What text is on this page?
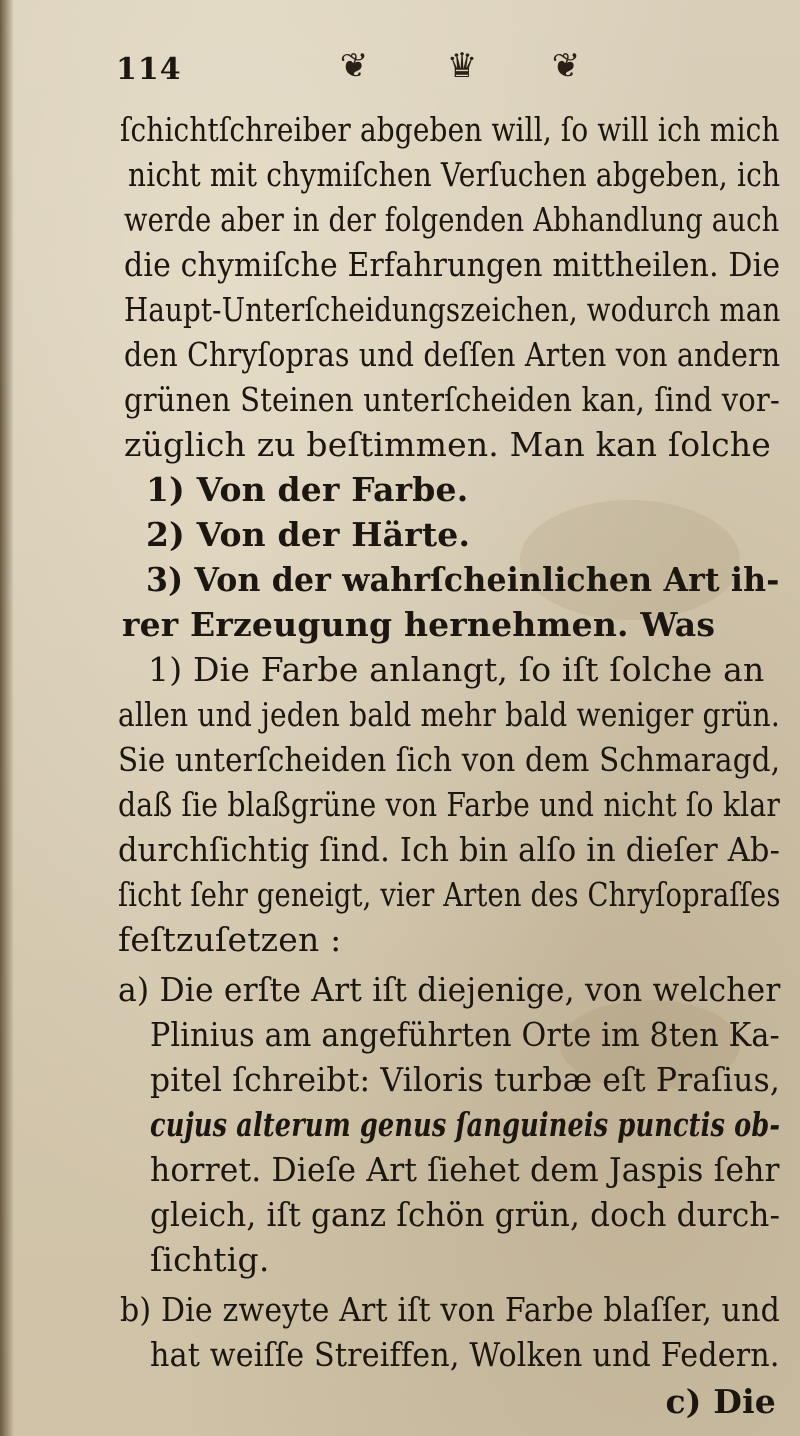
114	❦	♛	❦
ſchichtſchreiber abgeben will, ſo will ich mich
nicht mit chymiſchen Verſuchen abgeben, ich
werde aber in der folgenden Abhandlung auch
die chymiſche Erfahrungen mittheilen. Die
Haupt-Unterſcheidungszeichen, wodurch man
den Chryſopras und deſſen Arten von andern
grünen Steinen unterſcheiden kan, ſind vor-
züglich zu beſtimmen. Man kan ſolche
1) Von der Farbe.
2) Von der Härte.
3) Von der wahrſcheinlichen Art ih-
rer Erzeugung hernehmen. Was
1) Die Farbe anlangt, ſo iſt ſolche an
allen und jeden bald mehr bald weniger grün.
Sie unterſcheiden ſich von dem Schmaragd,
daß ſie blaßgrüne von Farbe und nicht ſo klar
durchſichtig ſind. Ich bin alſo in dieſer Ab-
ſicht ſehr geneigt, vier Arten des Chryſopraſſes
feſtzuſetzen :
a) Die erſte Art iſt diejenige, von welcher
Plinius am angeführten Orte im 8ten Ka-
pitel ſchreibt: Viloris turbæ eſt Praſius,
cujus alterum genus ſanguineis punctis ob-
horret. Dieſe Art ſiehet dem Jaspis ſehr
gleich, iſt ganz ſchön grün, doch durch-
ſichtig.
b) Die zweyte Art iſt von Farbe blaſſer, und
hat weiſſe Streiffen, Wolken und Federn.
c) Die
